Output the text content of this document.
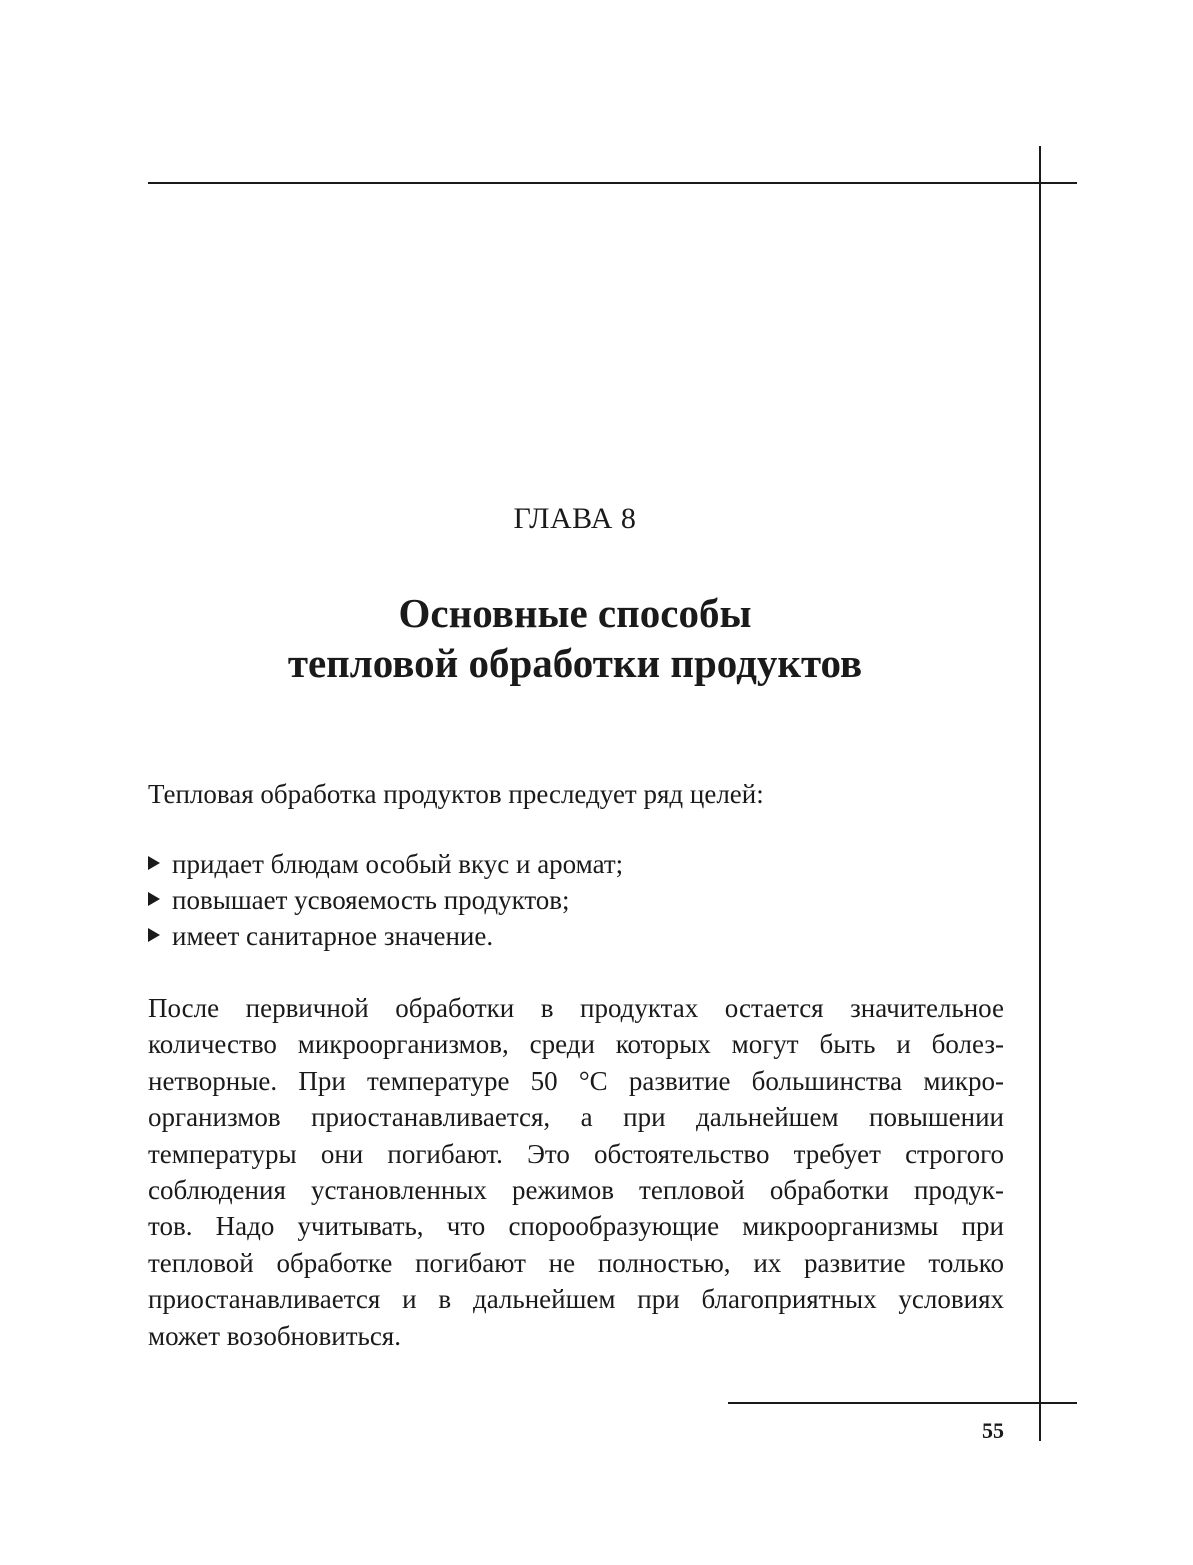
ГЛАВА 8
Основные способы
тепловой обработки продуктов
Тепловая обработка продуктов преследует ряд целей:
придает блюдам особый вкус и аромат;
повышает усвояемость продуктов;
имеет санитарное значение.
После первичной обработки в продуктах остается значительное
количество микроорганизмов, среди которых могут быть и болез-
нетворные. При температуре 50 °С развитие большинства микро-
организмов приостанавливается, а при дальнейшем повышении
температуры они погибают. Это обстоятельство требует строгого
соблюдения установленных режимов тепловой обработки продук-
тов. Надо учитывать, что спорообразующие микроорганизмы при
тепловой обработке погибают не полностью, их развитие только
приостанавливается и в дальнейшем при благоприятных условиях
может возобновиться.
55
